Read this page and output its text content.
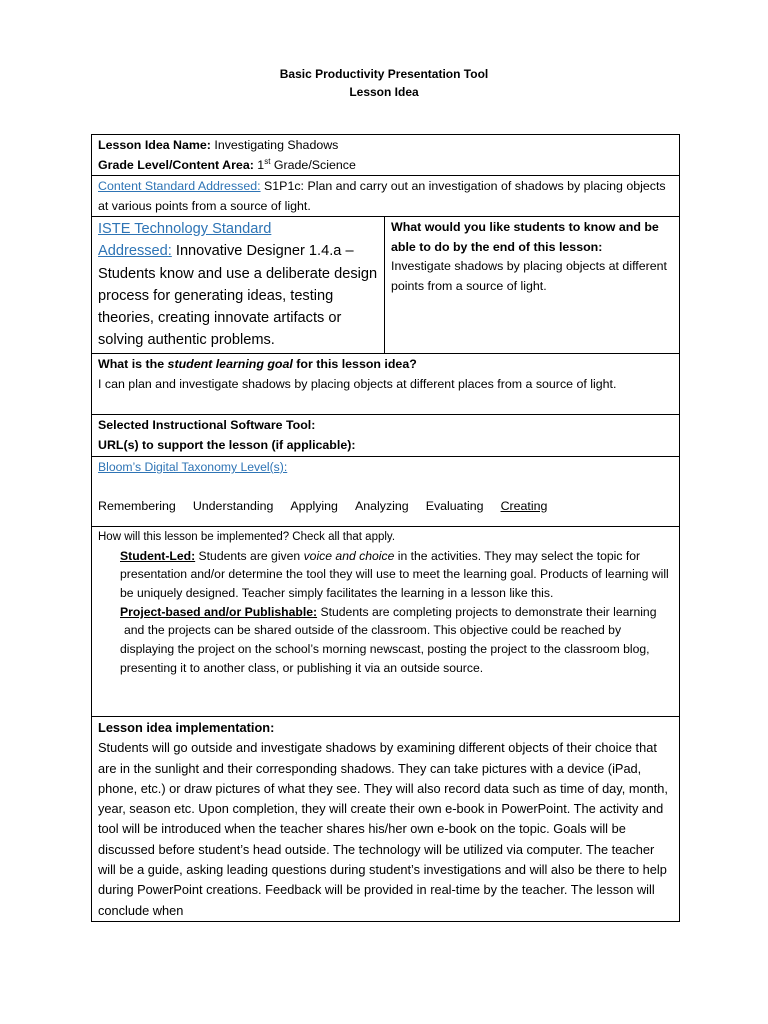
Basic Productivity Presentation Tool
Lesson Idea
Lesson Idea Name: Investigating Shadows
Grade Level/Content Area: 1st Grade/Science

Content Standard Addressed: S1P1c: Plan and carry out an investigation of shadows by placing objects at various points from a source of light.
ISTE Technology Standard
Addressed: Innovative Designer 1.4.a – Students know and use a deliberate design process for generating ideas, testing theories, creating innovate artifacts or solving authentic problems.	
What would you like students to know and be able to do by the end of this lesson:
Investigate shadows by placing objects at different points from a source of light.

What is the student learning goal for this lesson idea?
I can plan and investigate shadows by placing objects at different places from a source of light.

Selected Instructional Software Tool:
URL(s) to support the lesson (if applicable):

Bloom’s Digital Taxonomy Level(s):
Remembering Understanding Applying Analyzing Evaluating Creating

How will this lesson be implemented? Check all that apply.

Student-Led: Students are given voice and choice in the activities. They may select the topic for presentation and/or determine the tool they will use to meet the learning goal. Products of learning will be uniquely designed. Teacher simply facilitates the learning in a lesson like this.

Project-based and/or Publishable: Students are completing projects to demonstrate their learning
and the projects can be shared outside of the classroom. This objective could be reached by displaying the project on the school’s morning newscast, posting the project to the classroom blog, presenting it to another class, or publishing it via an outside source.

Lesson idea implementation:
Students will go outside and investigate shadows by examining different objects of their choice that are in the sunlight and their corresponding shadows. They can take pictures with a device (iPad, phone, etc.) or draw pictures of what they see. They will also record data such as time of day, month, year, season etc. Upon completion, they will create their own e-book in PowerPoint. The activity and tool will be introduced when the teacher shares his/her own e-book on the topic. Goals will be discussed before student’s head outside. The technology will be utilized via computer. The teacher will be a guide, asking leading questions during student’s investigations and will also be there to help during PowerPoint creations. Feedback will be provided in real-time by the teacher. The lesson will conclude when
